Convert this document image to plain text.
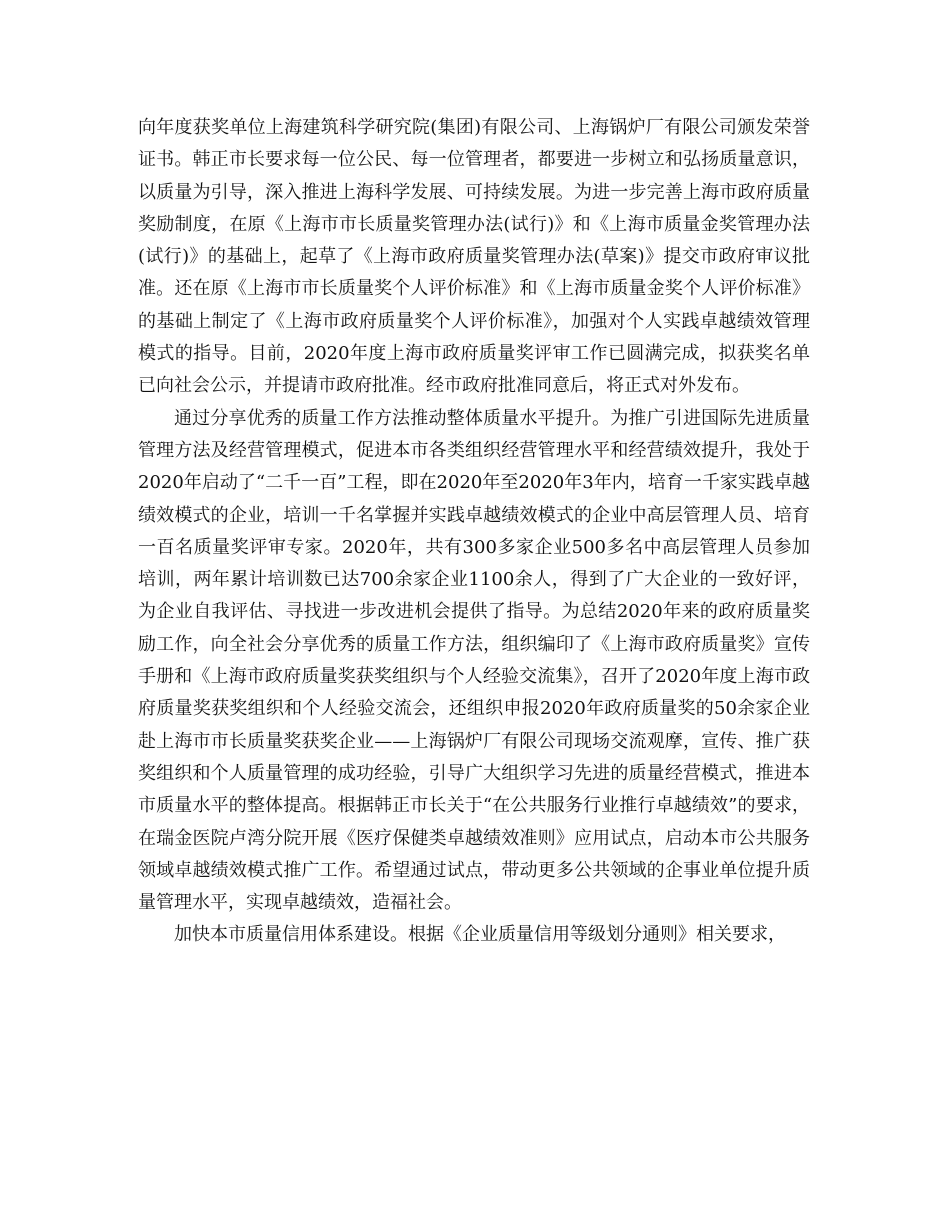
向年度获奖单位上海建筑科学研究院(集团)有限公司、上海锅炉厂有限公司颁发荣誉证书。韩正市长要求每一位公民、每一位管理者，都要进一步树立和弘扬质量意识，以质量为引导，深入推进上海科学发展、可持续发展。为进一步完善上海市政府质量奖励制度，在原《上海市市长质量奖管理办法(试行)》和《上海市质量金奖管理办法(试行)》的基础上，起草了《上海市政府质量奖管理办法(草案)》提交市政府审议批准。还在原《上海市市长质量奖个人评价标准》和《上海市质量金奖个人评价标准》的基础上制定了《上海市政府质量奖个人评价标准》，加强对个人实践卓越绩效管理模式的指导。目前，2020年度上海市政府质量奖评审工作已圆满完成，拟获奖名单已向社会公示，并提请市政府批准。经市政府批准同意后，将正式对外发布。

通过分享优秀的质量工作方法推动整体质量水平提升。为推广引进国际先进质量管理方法及经营管理模式，促进本市各类组织经营管理水平和经营绩效提升，我处于2020年启动了“二千一百”工程，即在2020年至2020年3年内，培育一千家实践卓越绩效模式的企业，培训一千名掌握并实践卓越绩效模式的企业中高层管理人员、培育一百名质量奖评审专家。2020年，共有300多家企业500多名中高层管理人员参加培训，两年累计培训数已达700余家企业1100余人，得到了广大企业的一致好评，为企业自我评估、寻找进一步改进机会提供了指导。为总结2020年来的政府质量奖励工作，向全社会分享优秀的质量工作方法，组织编印了《上海市政府质量奖》宣传手册和《上海市政府质量奖获奖组织与个人经验交流集》，召开了2020年度上海市政府质量奖获奖组织和个人经验交流会，还组织申报2020年政府质量奖的50余家企业赴上海市市长质量奖获奖企业——上海锅炉厂有限公司现场交流观摩，宣传、推广获奖组织和个人质量管理的成功经验，引导广大组织学习先进的质量经营模式，推进本市质量水平的整体提高。根据韩正市长关于“在公共服务行业推行卓越绩效”的要求，在瑞金医院卢湾分院开展《医疗保健类卓越绩效准则》应用试点，启动本市公共服务领域卓越绩效模式推广工作。希望通过试点，带动更多公共领域的企事业单位提升质量管理水平，实现卓越绩效，造福社会。

加快本市质量信用体系建设。根据《企业质量信用等级划分通则》相关要求，
